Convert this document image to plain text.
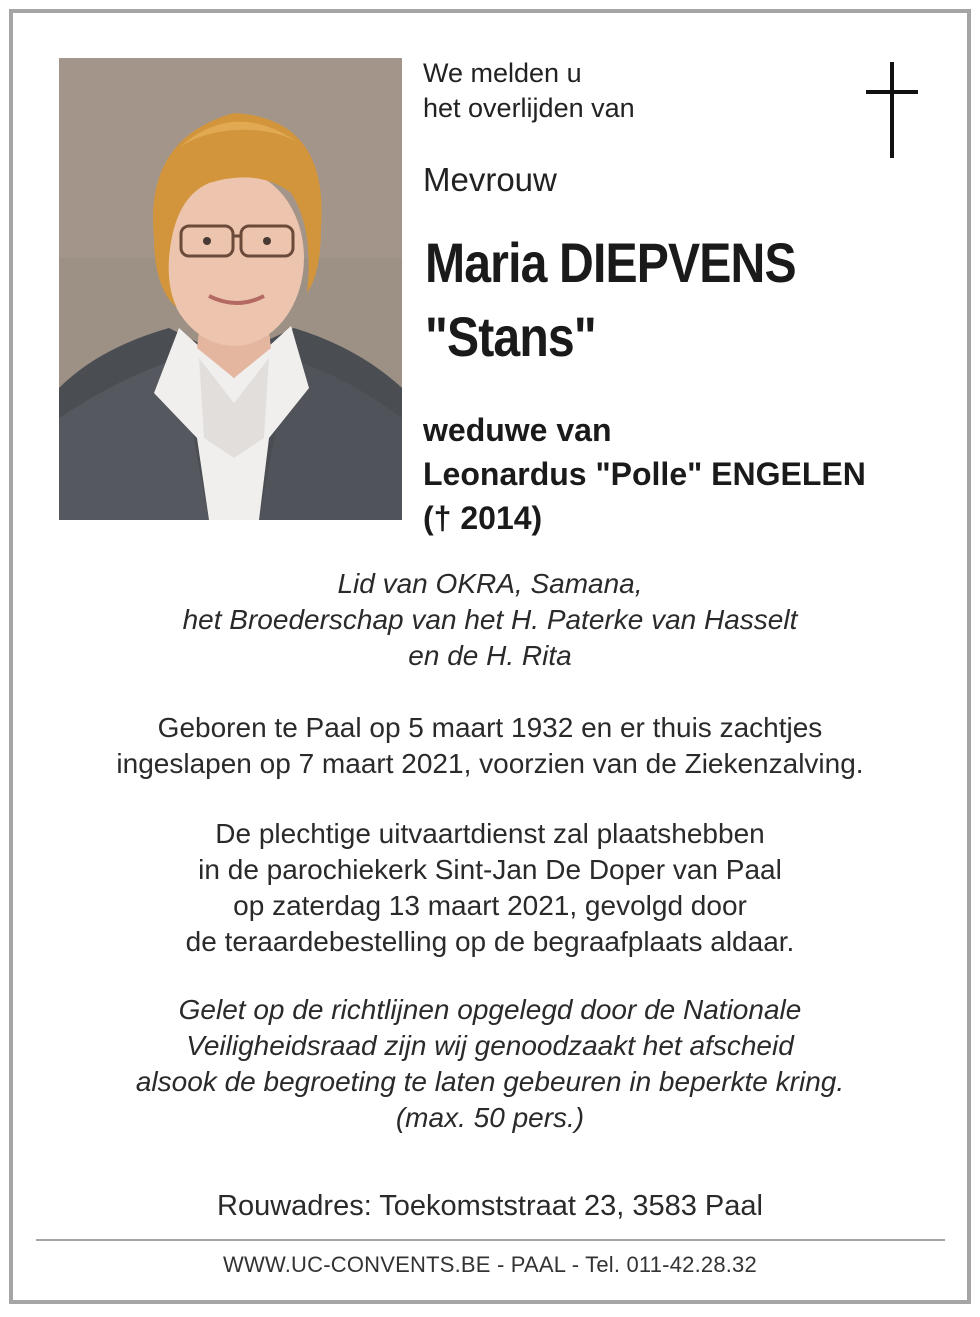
We melden u
het overlijden van
Mevrouw
Maria DIEPVENS
"Stans"
weduwe van
Leonardus "Polle" ENGELEN
(† 2014)
Lid van OKRA, Samana,
het Broederschap van het H. Paterke van Hasselt
en de H. Rita
Geboren te Paal op 5 maart 1932 en er thuis zachtjes
ingeslapen op 7 maart 2021, voorzien van de Ziekenzalving.
De plechtige uitvaartdienst zal plaatshebben
in de parochiekerk Sint-Jan De Doper van Paal
op zaterdag 13 maart 2021, gevolgd door
de teraardebestelling op de begraafplaats aldaar.
Gelet op de richtlijnen opgelegd door de Nationale
Veiligheidsraad zijn wij genoodzaakt het afscheid
alsook de begroeting te laten gebeuren in beperkte kring.
(max. 50 pers.)
Rouwadres: Toekomststraat 23, 3583 Paal
WWW.UC-CONVENTS.BE - PAAL - Tel. 011-42.28.32
